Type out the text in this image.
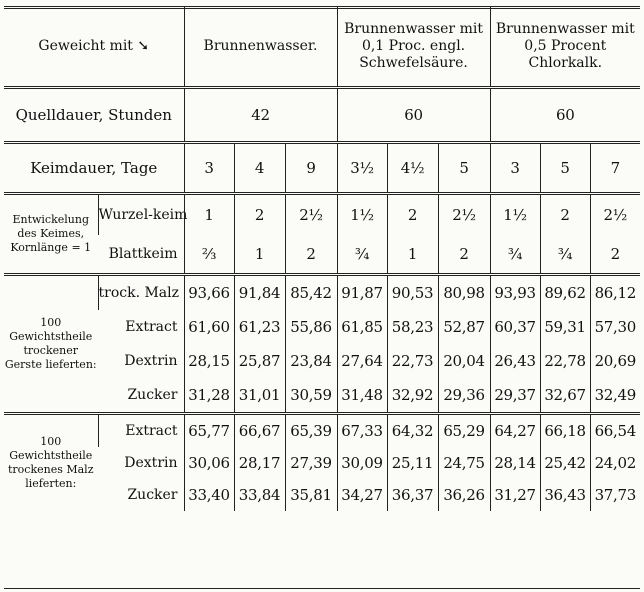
Geweicht mit ➘		Brunnenwasser.			Brunnenwasser mit 0,1 Proc. engl. Schwefelsäure.			Brunnenwasser mit 0,5 Procent Chlorkalk.		
Quelldauer, Stunden		42			60			60		
Keimdauer, Tage		3	4	9	3½	4½	5	3	5	7
Entwickelung des Keimes, Kornlänge = 1	Wurzel-keim	1	2	2½	1½	2	2½	1½	2	2½
	Blattkeim	⅔	1	2	¾	1	2	¾	¾	2
100 Gewichtstheile trockener Gerste lieferten:	trock. Malz	93,66	91,84	85,42	91,87	90,53	80,98	93,93	89,62	86,12
	Extract	61,60	61,23	55,86	61,85	58,23	52,87	60,37	59,31	57,30
	Dextrin	28,15	25,87	23,84	27,64	22,73	20,04	26,43	22,78	20,69
	Zucker	31,28	31,01	30,59	31,48	32,92	29,36	29,37	32,67	32,49
100 Gewichtstheile trockenes Malz lieferten:	Extract	65,77	66,67	65,39	67,33	64,32	65,29	64,27	66,18	66,54
	Dextrin	30,06	28,17	27,39	30,09	25,11	24,75	28,14	25,42	24,02
	Zucker	33,40	33,84	35,81	34,27	36,37	36,26	31,27	36,43	37,73
